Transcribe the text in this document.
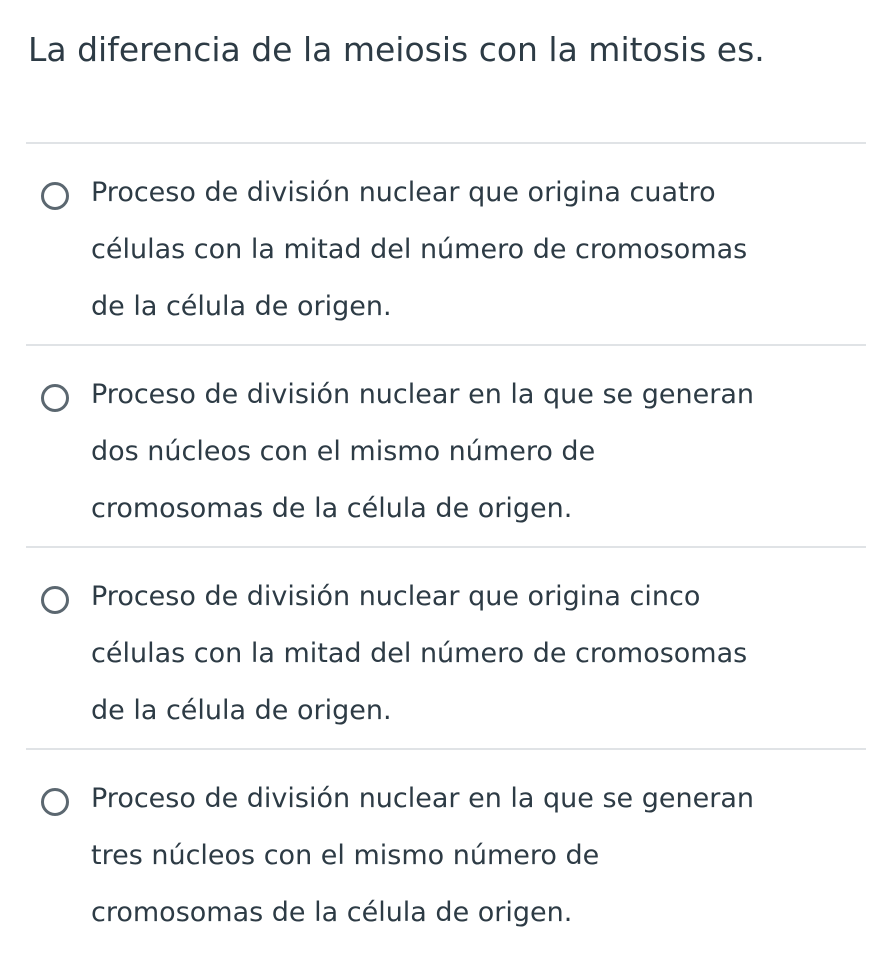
La diferencia de la meiosis con la mitosis es.
Proceso de división nuclear que origina cuatro
células con la mitad del número de cromosomas
de la célula de origen.
Proceso de división nuclear en la que se generan
dos núcleos con el mismo número de
cromosomas de la célula de origen.
Proceso de división nuclear que origina cinco
células con la mitad del número de cromosomas
de la célula de origen.
Proceso de división nuclear en la que se generan
tres núcleos con el mismo número de
cromosomas de la célula de origen.
